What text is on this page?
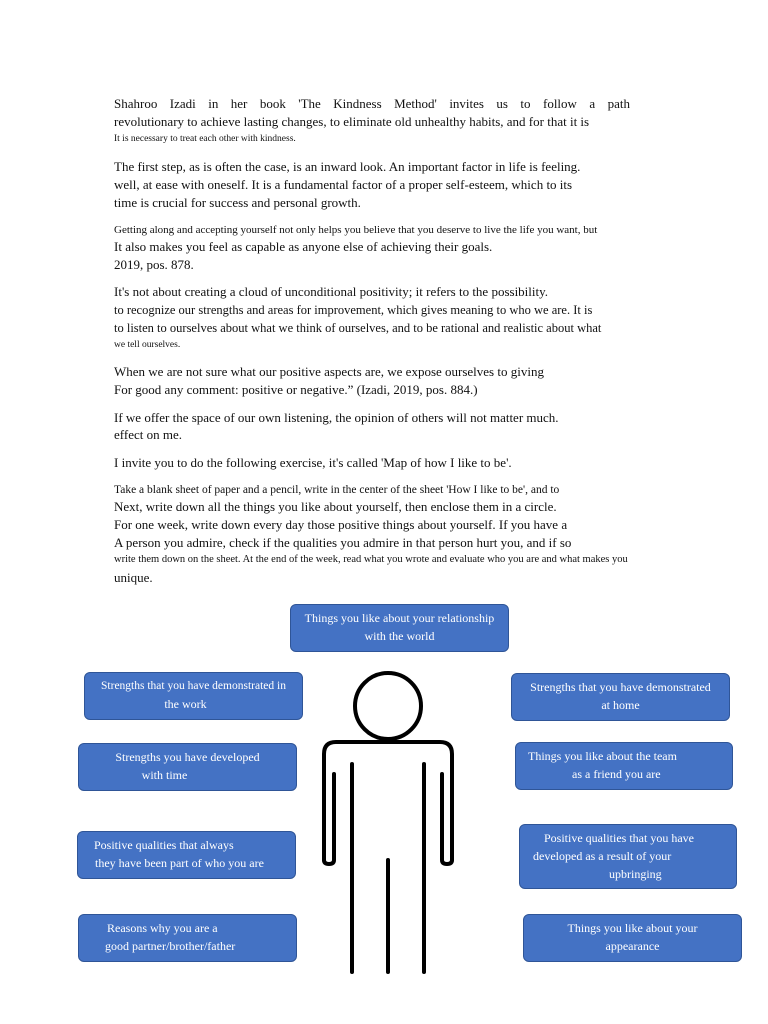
Shahroo Izadi in her book 'The Kindness Method' invites us to follow a path
revolutionary to achieve lasting changes, to eliminate old unhealthy habits, and for that it is
It is necessary to treat each other with kindness.
The first step, as is often the case, is an inward look. An important factor in life is feeling.
well, at ease with oneself. It is a fundamental factor of a proper self-esteem, which to its
time is crucial for success and personal growth.
Getting along and accepting yourself not only helps you believe that you deserve to live the life you want, but
It also makes you feel as capable as anyone else of achieving their goals.
2019, pos. 878.
It's not about creating a cloud of unconditional positivity; it refers to the possibility.
to recognize our strengths and areas for improvement, which gives meaning to who we are. It is
to listen to ourselves about what we think of ourselves, and to be rational and realistic about what
we tell ourselves.
When we are not sure what our positive aspects are, we expose ourselves to giving
For good any comment: positive or negative.” (Izadi, 2019, pos. 884.)
If we offer the space of our own listening, the opinion of others will not matter much.
effect on me.
I invite you to do the following exercise, it's called 'Map of how I like to be'.
Take a blank sheet of paper and a pencil, write in the center of the sheet 'How I like to be', and to
Next, write down all the things you like about yourself, then enclose them in a circle.
For one week, write down every day those positive things about yourself. If you have a
A person you admire, check if the qualities you admire in that person hurt you, and if so
write them down on the sheet. At the end of the week, read what you wrote and evaluate who you are and what makes you
unique.
Things you like about your relationship
with the world
Strengths that you have demonstrated in
the work
Strengths you have developed
with time
Positive qualities that always
they have been part of who you are
Reasons why you are a
good partner/brother/father
Strengths that you have demonstrated
at home
Things you like about the team
as a friend you are
Positive qualities that you have
developed as a result of your
upbringing
Things you like about your
appearance
